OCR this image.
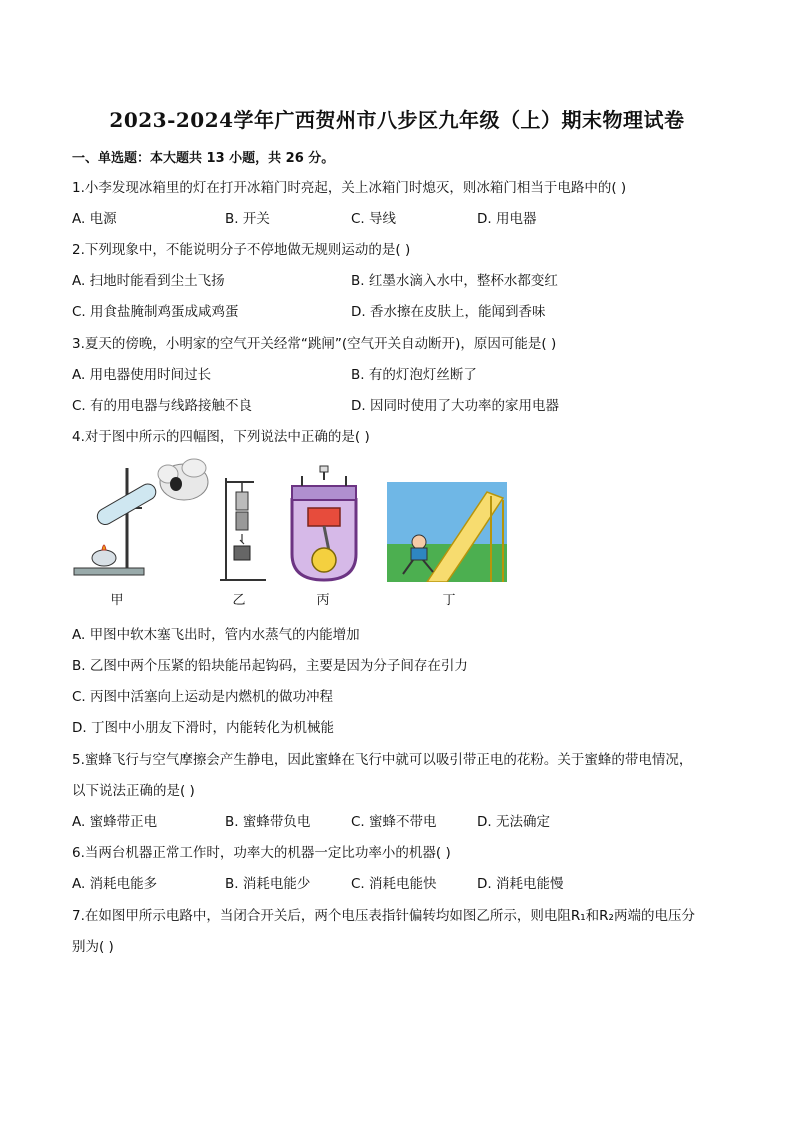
2023-2024学年广西贺州市八步区九年级（上）期末物理试卷
一、单选题：本大题共 13 小题，共 26 分。
1.小李发现冰箱里的灯在打开冰箱门时亮起，关上冰箱门时熄灭，则冰箱门相当于电路中的( )
A. 电源	B. 开关	C. 导线	D. 用电器
2.下列现象中，不能说明分子不停地做无规则运动的是( )
A. 扫地时能看到尘土飞扬	B. 红墨水滴入水中，整杯水都变红
C. 用食盐腌制鸡蛋成咸鸡蛋	D. 香水擦在皮肤上，能闻到香味
3.夏天的傍晚，小明家的空气开关经常“跳闸”(空气开关自动断开)，原因可能是( )
A. 用电器使用时间过长	B. 有的灯泡灯丝断了
C. 有的用电器与线路接触不良	D. 因同时使用了大功率的家用电器
4.对于图中所示的四幅图，下列说法中正确的是( )
甲	乙	丙	丁
A. 甲图中软木塞飞出时，管内水蒸气的内能增加
B. 乙图中两个压紧的铅块能吊起钩码，主要是因为分子间存在引力
C. 丙图中活塞向上运动是内燃机的做功冲程
D. 丁图中小朋友下滑时，内能转化为机械能
5.蜜蜂飞行与空气摩擦会产生静电，因此蜜蜂在飞行中就可以吸引带正电的花粉。关于蜜蜂的带电情况，
以下说法正确的是( )
A. 蜜蜂带正电	B. 蜜蜂带负电	C. 蜜蜂不带电	D. 无法确定
6.当两台机器正常工作时，功率大的机器一定比功率小的机器( )
A. 消耗电能多	B. 消耗电能少	C. 消耗电能快	D. 消耗电能慢
7.在如图甲所示电路中，当闭合开关后，两个电压表指针偏转均如图乙所示，则电阻R₁和R₂两端的电压分
别为( )
